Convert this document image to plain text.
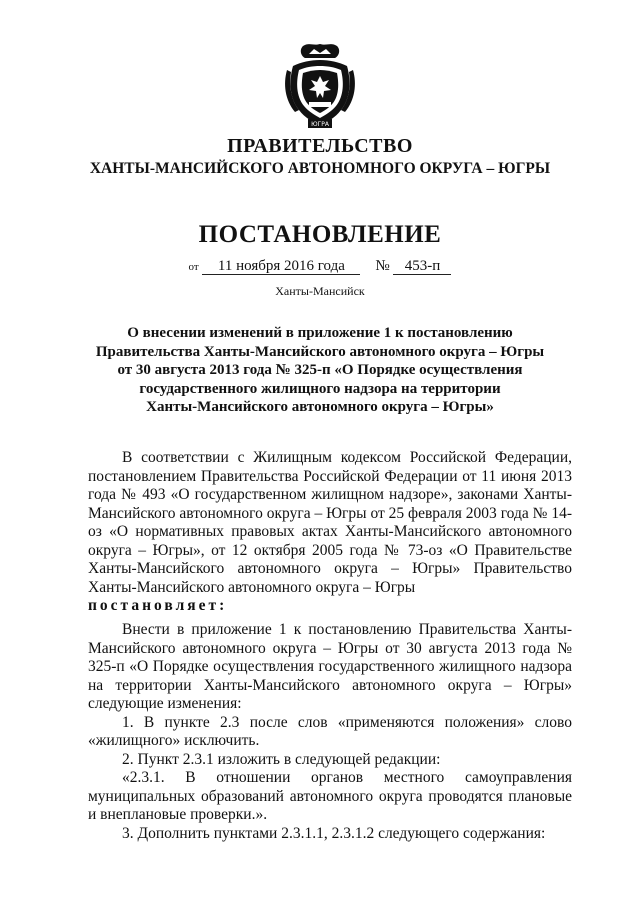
ЮГРА
ПРАВИТЕЛЬСТВО
ХАНТЫ-МАНСИЙСКОГО АВТОНОМНОГО ОКРУГА – ЮГРЫ
ПОСТАНОВЛЕНИЕ
от 11 ноября 2016 года № 453-п
Ханты-Мансийск
О внесении изменений в приложение 1 к постановлению
Правительства Ханты-Мансийского автономного округа – Югры
от 30 августа 2013 года № 325-п «О Порядке осуществления
государственного жилищного надзора на территории
Ханты-Мансийского автономного округа – Югры»

В соответствии с Жилищным кодексом Российской Федерации, постановлением Правительства Российской Федерации от 11 июня 2013 года № 493 «О государственном жилищном надзоре», законами Ханты-Мансийского автономного округа – Югры от 25 февраля 2003 года № 14-оз «О нормативных правовых актах Ханты-Мансийского автономного округа – Югры», от 12 октября 2005 года № 73-оз «О Правительстве Ханты-Мансийского автономного округа – Югры» Правительство Ханты-Мансийского автономного округа – Югры

постановляет:

Внести в приложение 1 к постановлению Правительства Ханты-Мансийского автономного округа – Югры от 30 августа 2013 года № 325-п «О Порядке осуществления государственного жилищного надзора на территории Ханты-Мансийского автономного округа – Югры» следующие изменения:

1. В пункте 2.3 после слов «применяются положения» слово «жилищного» исключить.

2. Пункт 2.3.1 изложить в следующей редакции:

«2.3.1. В отношении органов местного самоуправления муниципальных образований автономного округа проводятся плановые и внеплановые проверки.».

3. Дополнить пунктами 2.3.1.1, 2.3.1.2 следующего содержания:
